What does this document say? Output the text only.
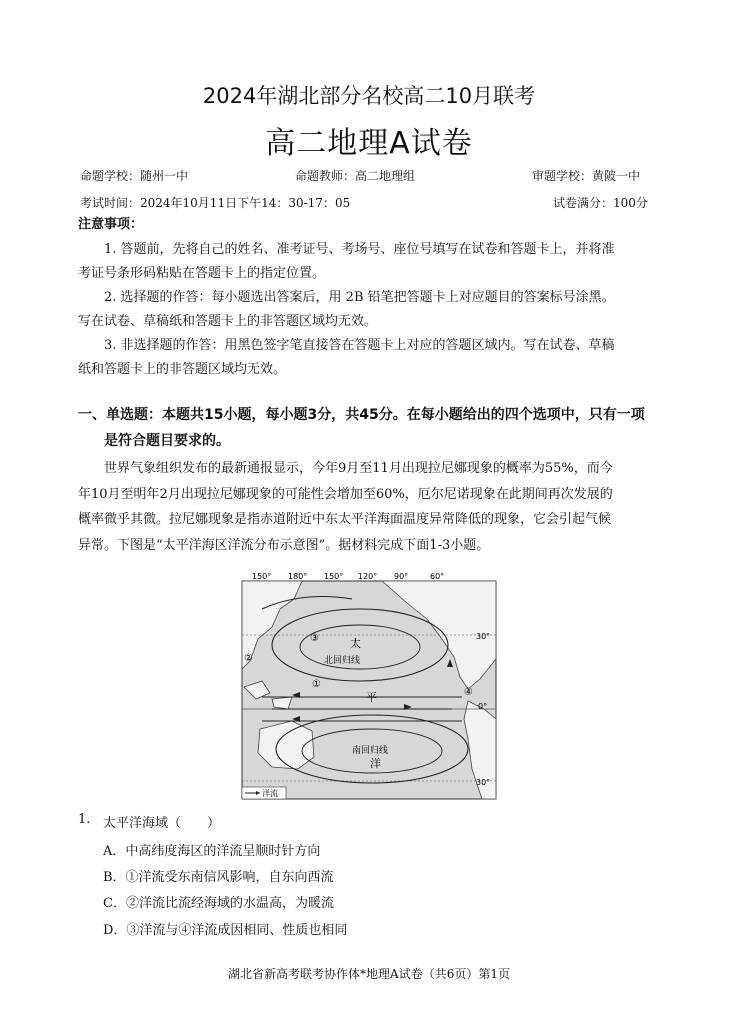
2024年湖北部分名校高二10月联考
高二地理A试卷
命题学校：随州一中	命题教师：高二地理组	审题学校：黄陂一中
考试时间：2024年10月11日下午14：30-17：05	试卷满分：100分
注意事项：
1. 答题前，先将自己的姓名、准考证号、考场号、座位号填写在试卷和答题卡上，并将准
考证号条形码粘贴在答题卡上的指定位置。
2. 选择题的作答：每小题选出答案后，用 2B 铅笔把答题卡上对应题目的答案标号涂黑。
写在试卷、草稿纸和答题卡上的非答题区域均无效。
3. 非选择题的作答：用黑色签字笔直接答在答题卡上对应的答题区域内。写在试卷、草稿
纸和答题卡上的非答题区域均无效。
一、单选题：本题共15小题，每小题3分，共45分。在每小题给出的四个选项中，只有一项
是符合题目要求的。
世界气象组织发布的最新通报显示，今年9月至11月出现拉尼娜现象的概率为55%，而今
年10月至明年2月出现拉尼娜现象的可能性会增加至60%，厄尔尼诺现象在此期间再次发展的
概率微乎其微。拉尼娜现象是指赤道附近中东太平洋海面温度异常降低的现象，它会引起气候
异常。下图是“太平洋海区洋流分布示意图”。据材料完成下面1-3小题。
150° 180° 150° 120° 90°	60°
30°
0°
30°
太
平
洋
北回归线
南回归线
①
②
③
④
洋流
1. 太平洋海域（　　）
A．中高纬度海区的洋流呈顺时针方向
B．①洋流受东南信风影响，自东向西流
C．②洋流比流经海域的水温高，为暖流
D．③洋流与④洋流成因相同、性质也相同
湖北省新高考联考协作体*地理A试卷（共6页）第1页
